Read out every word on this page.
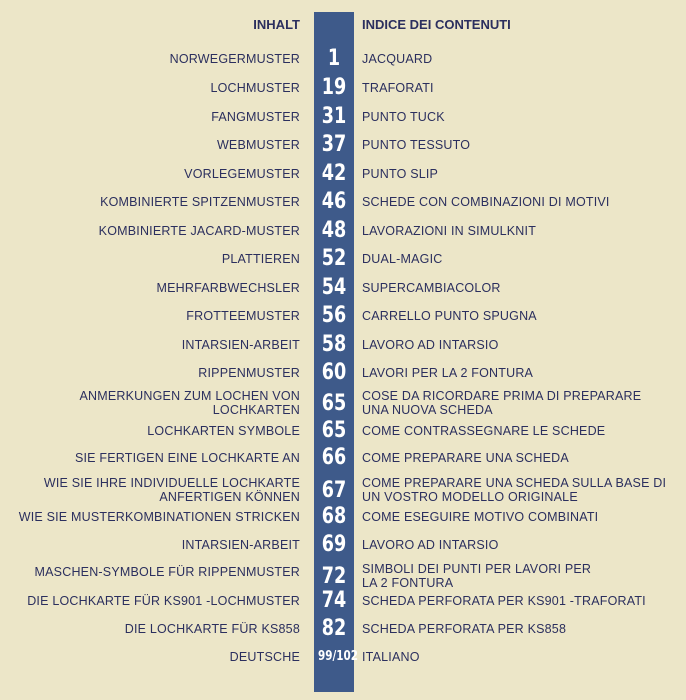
INHALT	INDICE DEI CONTENUTI
NORWEGERMUSTER	1	JACQUARD
LOCHMUSTER 19	TRAFORATI
FANGMUSTER 31	PUNTO TUCK
WEBMUSTER 37	PUNTO TESSUTO
VORLEGEMUSTER 42	PUNTO SLIP
KOMBINIERTE SPITZENMUSTER 46	SCHEDE CON COMBINAZIONI DI MOTIVI
KOMBINIERTE JACARD-MUSTER 48	LAVORAZIONI IN SIMULKNIT
PLATTIEREN 52	DUAL-MAGIC
MEHRFARBWECHSLER 54	SUPERCAMBIACOLOR
FROTTEEMUSTER 56	CARRELLO PUNTO SPUGNA
INTARSIEN-ARBEIT 58	LAVORO AD INTARSIO
RIPPENMUSTER 60	LAVORI PER LA 2 FONTURA
ANMERKUNGEN ZUM LOCHEN VON
LOCHKARTEN 65	COSE DA RICORDARE PRIMA DI PREPARARE
UNA NUOVA SCHEDA
LOCHKARTEN SYMBOLE 65	COME CONTRASSEGNARE LE SCHEDE
SIE FERTIGEN EINE LOCHKARTE AN 66	COME PREPARARE UNA SCHEDA
WIE SIE IHRE INDIVIDUELLE LOCHKARTE
ANFERTIGEN KÖNNEN 67	COME PREPARARE UNA SCHEDA SULLA BASE DI
UN VOSTRO MODELLO ORIGINALE
WIE SIE MUSTERKOMBINATIONEN STRICKEN 68	COME ESEGUIRE MOTIVO COMBINATI
INTARSIEN-ARBEIT 69	LAVORO AD INTARSIO
MASCHEN-SYMBOLE FÜR RIPPENMUSTER 72	SIMBOLI DEI PUNTI PER LAVORI PER
LA 2 FONTURA
DIE LOCHKARTE FÜR KS901 -LOCHMUSTER 74	SCHEDA PERFORATA PER KS901 -TRAFORATI
DIE LOCHKARTE FÜR KS858 82	SCHEDA PERFORATA PER KS858
DEUTSCHE 99/102 ITALIANO
